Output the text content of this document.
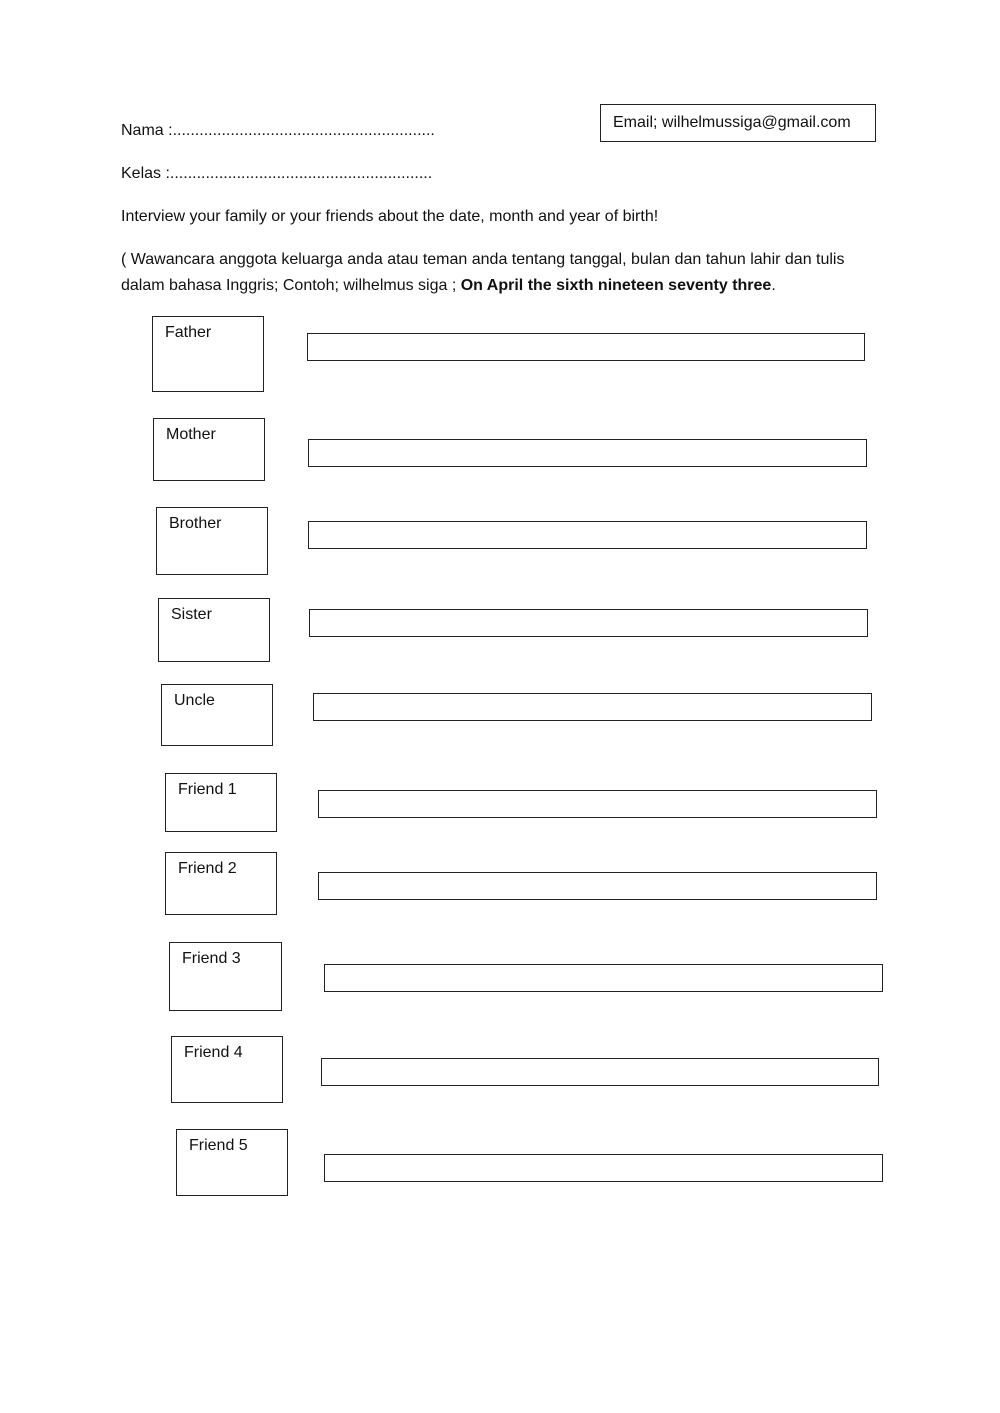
Nama :...........................................................	Email; wilhelmussiga@gmail.com
Kelas :...........................................................
Interview your family or your friends about the date, month and year of birth!
( Wawancara anggota keluarga anda atau teman anda tentang tanggal, bulan dan tahun lahir dan tulis dalam bahasa Inggris; Contoh; wilhelmus siga ; On April the sixth nineteen seventy three.
Father
Mother
Brother
Sister
Uncle
Friend 1
Friend 2
Friend 3
Friend 4
Friend 5
